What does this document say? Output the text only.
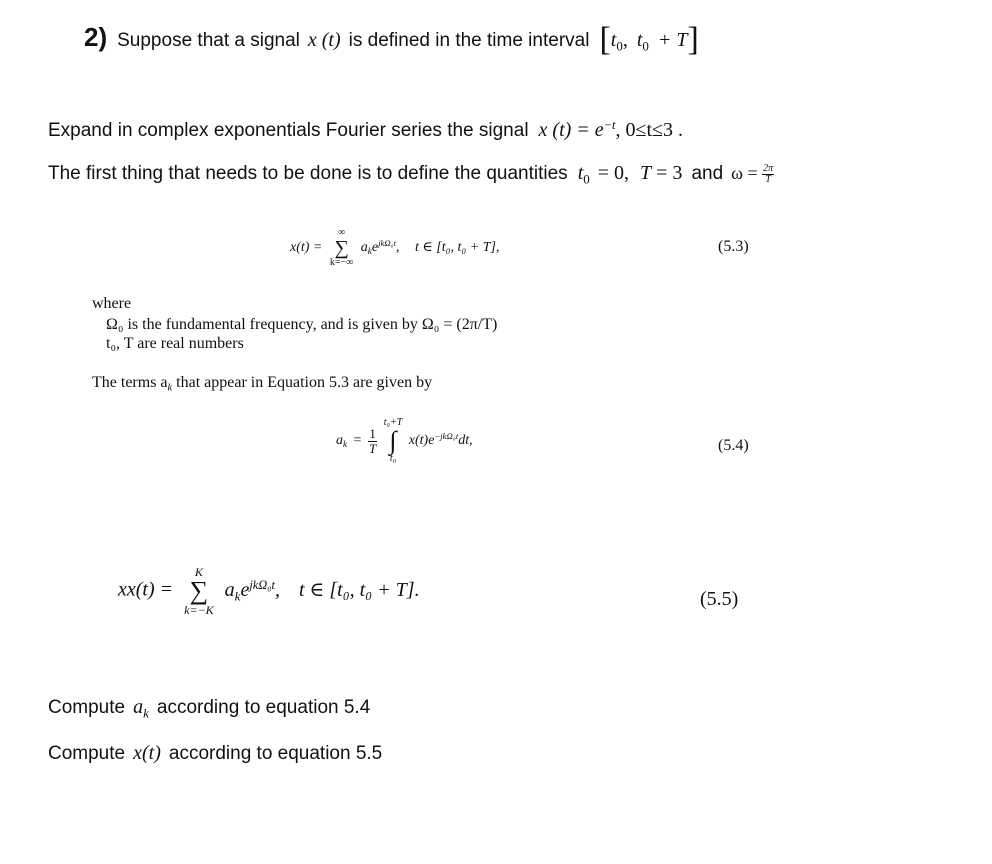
2) Suppose that a signal x (t) is defined in the time interval [$t_0$, $t_0 + T$]
Expand in complex exponentials Fourier series the signal x $(t) = e^{-t}$, 0≤t≤3 .
The first thing that needs to be done is to define the quantities $t_0 = 0$, T = 3 and $\omega = \frac{2\pi}{T}$
x(t) =
∞
∑
k=−∞
$a_ke^{jk\Omega_0t}$, t ∈ [t₀, t₀ + T],	(5.3)
where
Ω₀ is the fundamental frequency, and is given by Ω₀ = (2π/T)
t₀, T are real numbers
The terms $a_k$ that appear in Equation 5.3 are given by
$a_k = \frac{1}{T}$

t₀+T
∫
t₀
$x(t)e^{-jk\Omega_0t}dt$,	(5.4)
xx(t) =
K
∑
k=−K
$a_ke^{jk\Omega_0t}$, t ∈ [t₀, t₀ + T].	(5.5)
Compute $a_k$ according to equation 5.4
Compute x(t) according to equation 5.5
